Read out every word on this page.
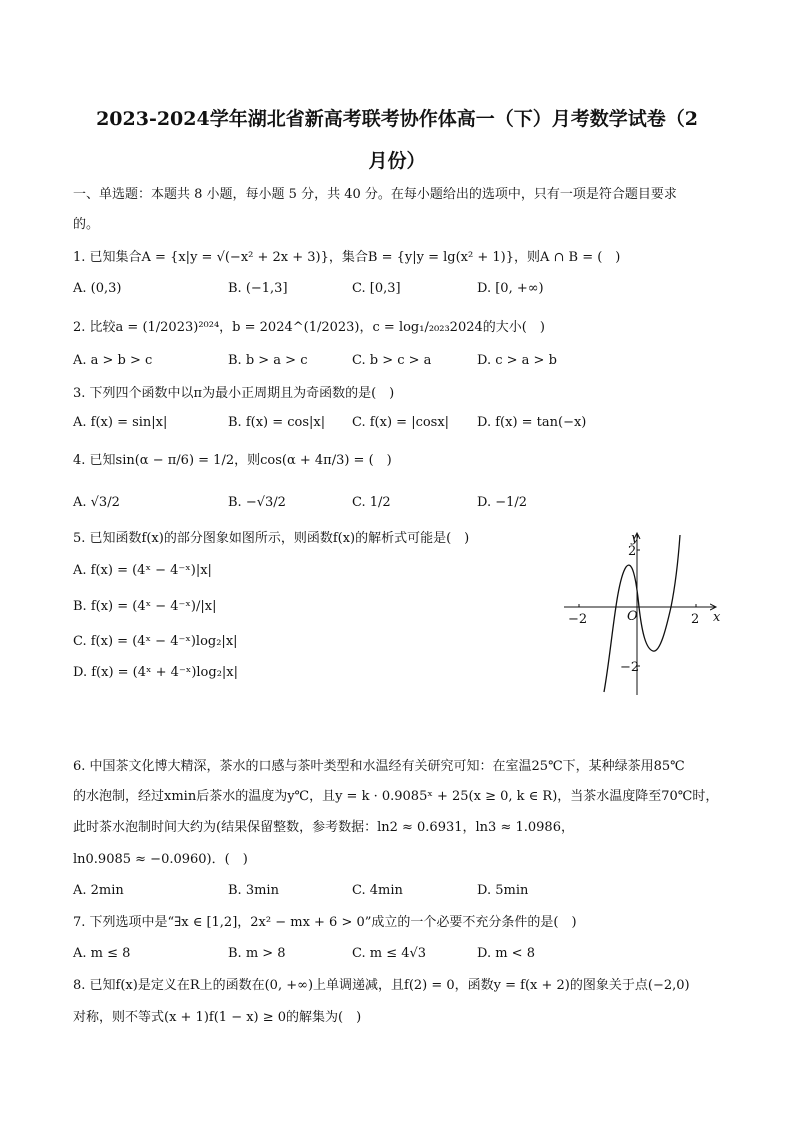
2023-2024学年湖北省新高考联考协作体高一（下）月考数学试卷（2
月份）
一、单选题：本题共 8 小题，每小题 5 分，共 40 分。在每小题给出的选项中，只有一项是符合题目要求
的。
1. 已知集合A = {x|y = √(−x² + 2x + 3)}，集合B = {y|y = lg(x² + 1)}，则A ∩ B = (　)
A. (0,3)	B. (−1,3]	C. [0,3]	D. [0, +∞)
2. 比较a = (1/2023)²⁰²⁴，b = 2024^(1/2023)，c = log₁/₂₀₂₃2024的大小(　)
A. a > b > c	B. b > a > c	C. b > c > a	D. c > a > b
3. 下列四个函数中以π为最小正周期且为奇函数的是(　)
A. f(x) = sin|x|	B. f(x) = cos|x| C. f(x) = |cosx| D. f(x) = tan(−x)
4. 已知sin(α − π/6) = 1/2，则cos(α + 4π/3) = (　)
A. √3/2	B. −√3/2	C. 1/2	D. −1/2
5. 已知函数f(x)的部分图象如图所示，则函数f(x)的解析式可能是(　)
A. f(x) = (4ˣ − 4⁻ˣ)|x|
B. f(x) = (4ˣ − 4⁻ˣ)/|x|
C. f(x) = (4ˣ − 4⁻ˣ)log₂|x|
D. f(x) = (4ˣ + 4⁻ˣ)log₂|x|
y
x
O
−2	2
2
−2
6. 中国茶文化博大精深，茶水的口感与茶叶类型和水温经有关研究可知：在室温25℃下，某种绿茶用85℃
的水泡制，经过xmin后茶水的温度为y℃，且y = k · 0.9085ˣ + 25(x ≥ 0, k ∈ R)，当茶水温度降至70℃时，
此时茶水泡制时间大约为(结果保留整数，参考数据：ln2 ≈ 0.6931，ln3 ≈ 1.0986，
ln0.9085 ≈ −0.0960)．(　)
A. 2min	B. 3min	C. 4min	D. 5min
7. 下列选项中是“∃x ∈ [1,2]，2x² − mx + 6 > 0”成立的一个必要不充分条件的是(　)
A. m ≤ 8	B. m > 8	C. m ≤ 4√3	D. m < 8
8. 已知f(x)是定义在R上的函数在(0, +∞)上单调递减，且f(2) = 0，函数y = f(x + 2)的图象关于点(−2,0)
对称，则不等式(x + 1)f(1 − x) ≥ 0的解集为(　)
